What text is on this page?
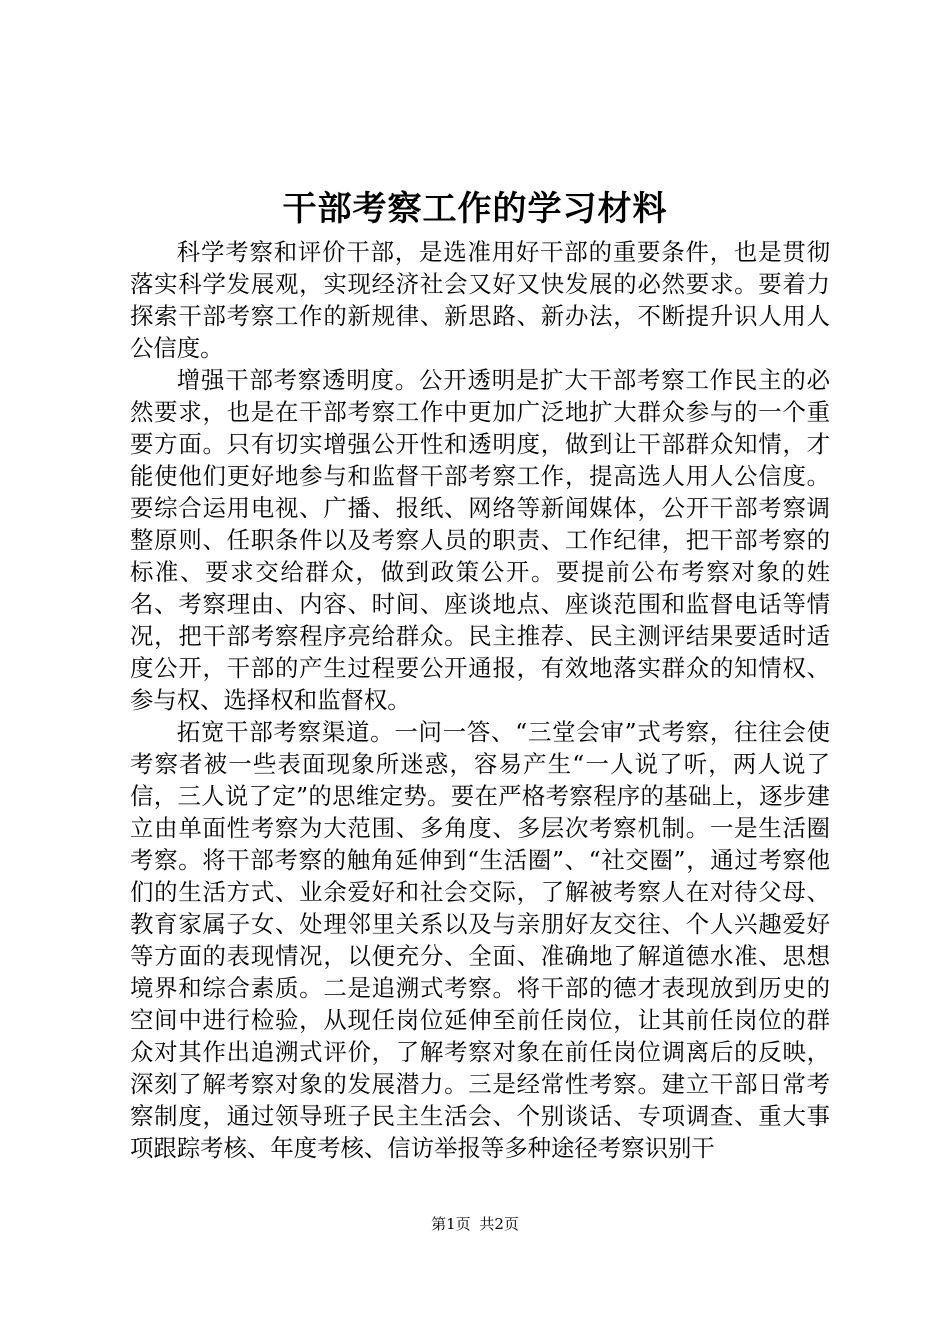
干部考察工作的学习材料

科学考察和评价干部，是选准用好干部的重要条件，也是贯彻落实科学发展观，实现经济社会又好又快发展的必然要求。要着力探索干部考察工作的新规律、新思路、新办法，不断提升识人用人公信度。

增强干部考察透明度。公开透明是扩大干部考察工作民主的必然要求，也是在干部考察工作中更加广泛地扩大群众参与的一个重要方面。只有切实增强公开性和透明度，做到让干部群众知情，才能使他们更好地参与和监督干部考察工作，提高选人用人公信度。要综合运用电视、广播、报纸、网络等新闻媒体，公开干部考察调整原则、任职条件以及考察人员的职责、工作纪律，把干部考察的标准、要求交给群众，做到政策公开。要提前公布考察对象的姓名、考察理由、内容、时间、座谈地点、座谈范围和监督电话等情况，把干部考察程序亮给群众。民主推荐、民主测评结果要适时适度公开，干部的产生过程要公开通报，有效地落实群众的知情权、参与权、选择权和监督权。

拓宽干部考察渠道。一问一答、“三堂会审”式考察，往往会使考察者被一些表面现象所迷惑，容易产生“一人说了听，两人说了信，三人说了定”的思维定势。要在严格考察程序的基础上，逐步建立由单面性考察为大范围、多角度、多层次考察机制。一是生活圈考察。将干部考察的触角延伸到“生活圈”、“社交圈”，通过考察他们的生活方式、业余爱好和社会交际，了解被考察人在对待父母、教育家属子女、处理邻里关系以及与亲朋好友交往、个人兴趣爱好等方面的表现情况，以便充分、全面、准确地了解道德水准、思想境界和综合素质。二是追溯式考察。将干部的德才表现放到历史的空间中进行检验，从现任岗位延伸至前任岗位，让其前任岗位的群众对其作出追溯式评价，了解考察对象在前任岗位调离后的反映，深刻了解考察对象的发展潜力。三是经常性考察。建立干部日常考察制度，通过领导班子民主生活会、个别谈话、专项调查、重大事项跟踪考核、年度考核、信访举报等多种途径考察识别干

第1页 共2页
